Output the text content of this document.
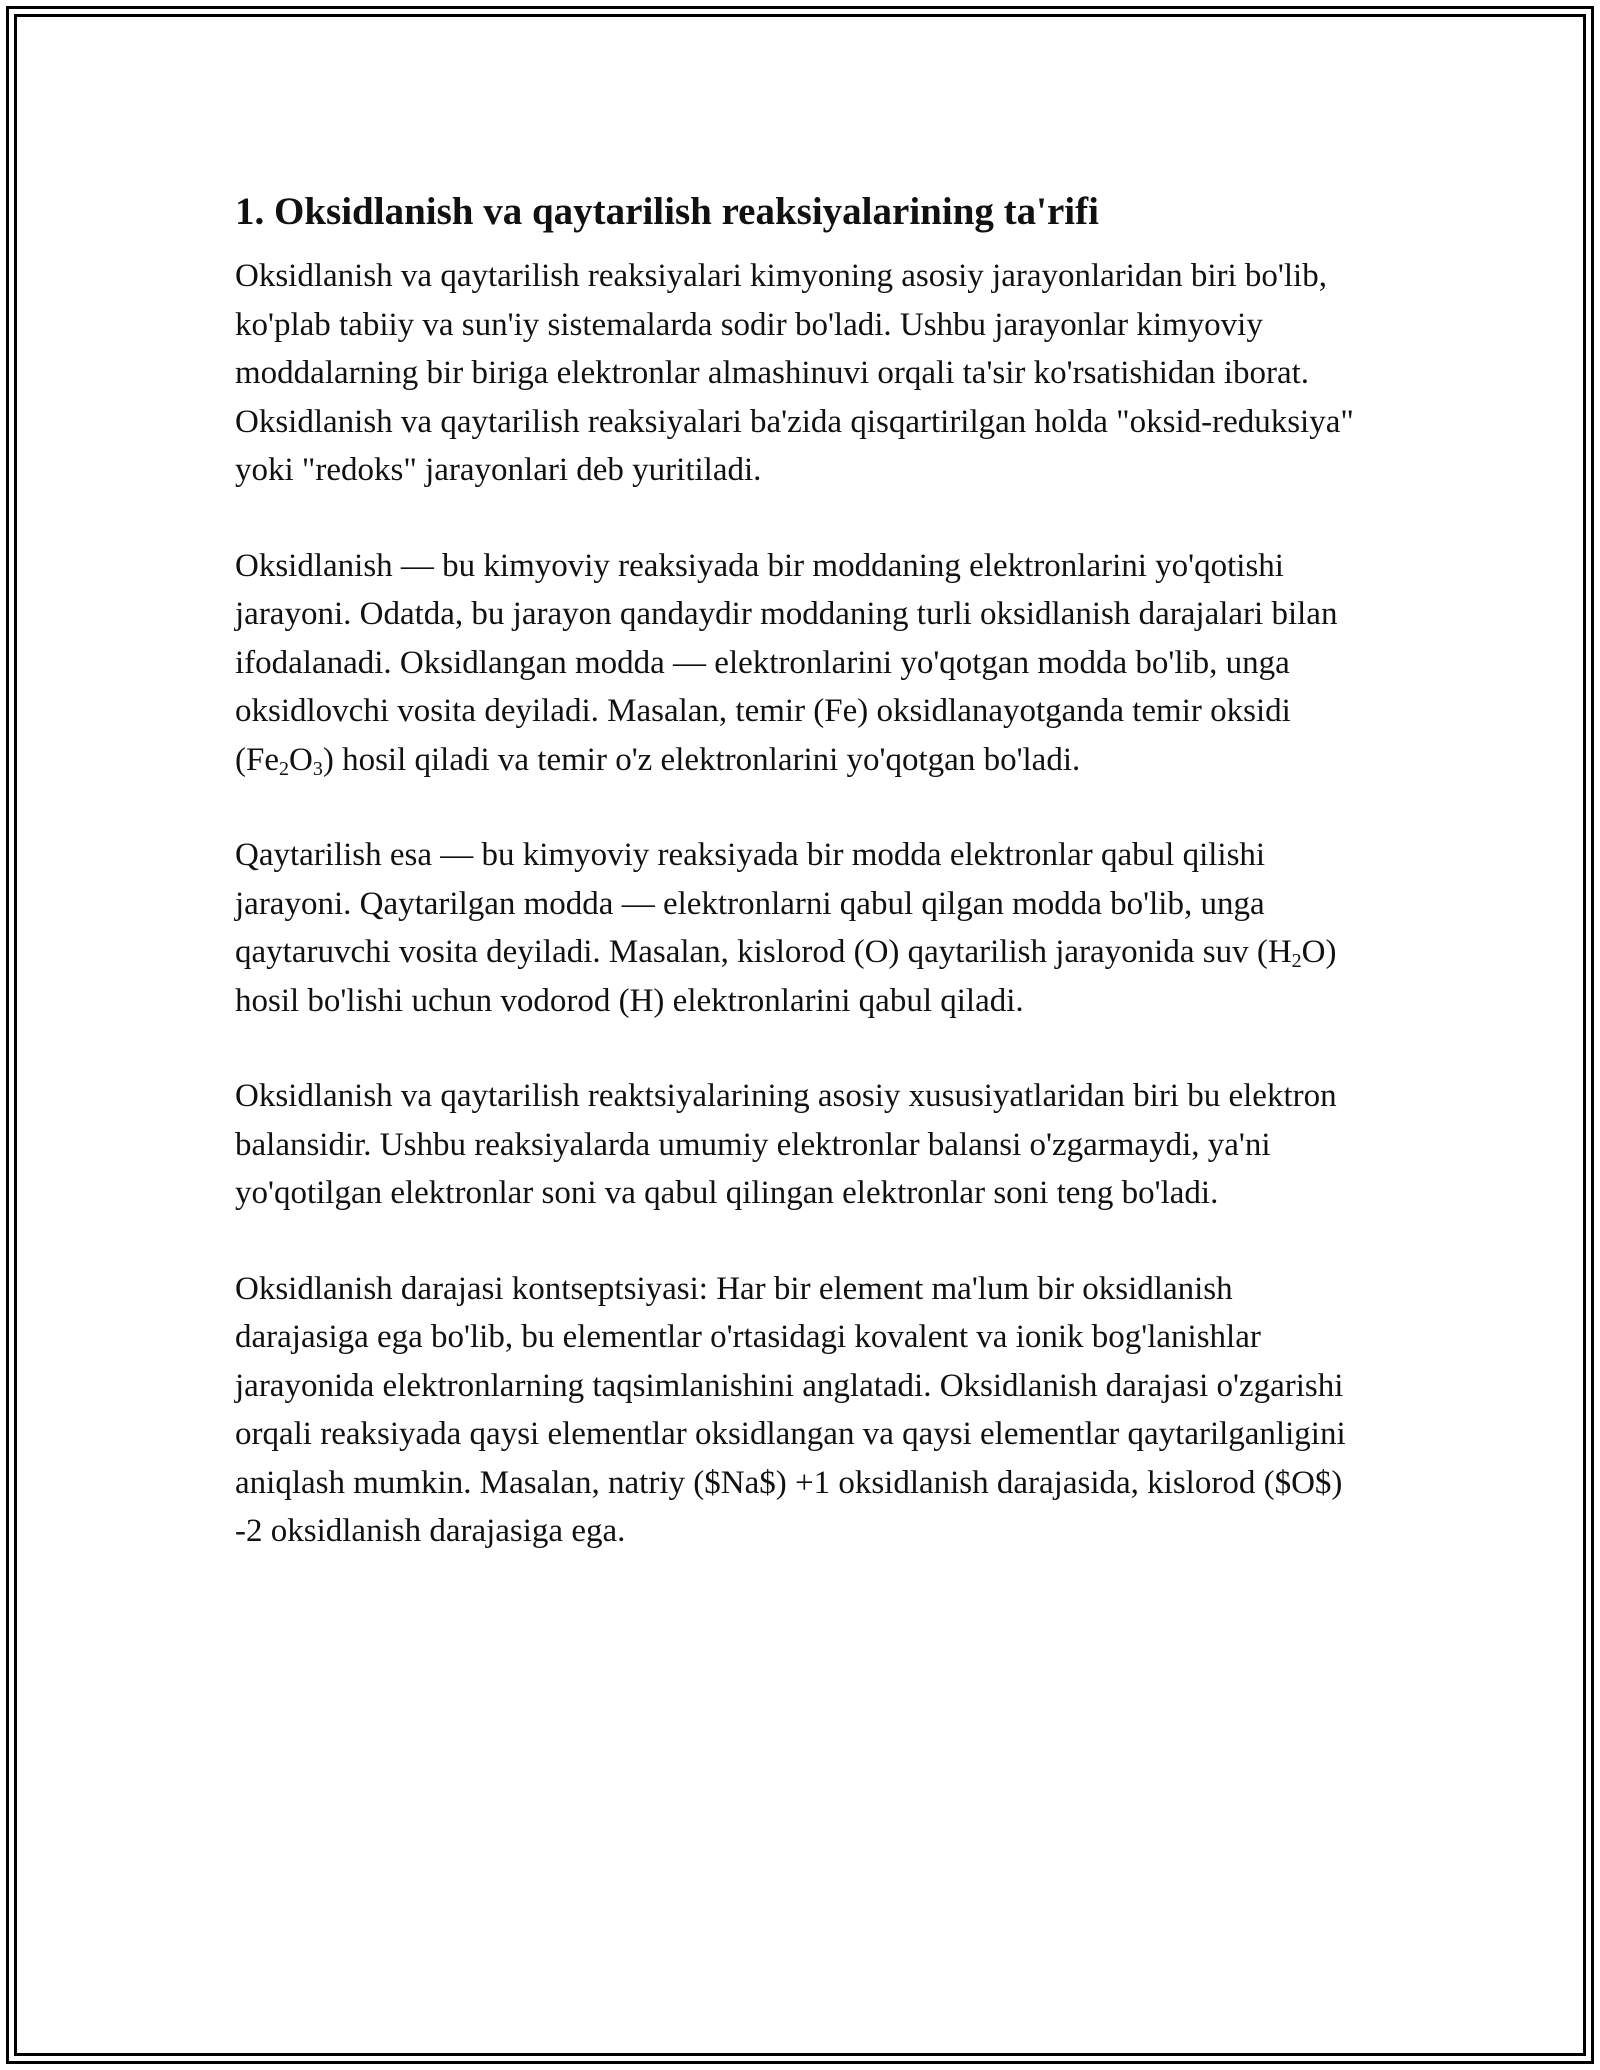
1. Oksidlanish va qaytarilish reaksiyalarining ta'rifi

Oksidlanish va qaytarilish reaksiyalari kimyoning asosiy jarayonlaridan biri bo'lib, ko'plab tabiiy va sun'iy sistemalarda sodir bo'ladi. Ushbu jarayonlar kimyoviy moddalarning bir biriga elektronlar almashinuvi orqali ta'sir ko'rsatishidan iborat. Oksidlanish va qaytarilish reaksiyalari ba'zida qisqartirilgan holda "oksid-reduksiya" yoki "redoks" jarayonlari deb yuritiladi.

Oksidlanish — bu kimyoviy reaksiyada bir moddaning elektronlarini yo'qotishi jarayoni. Odatda, bu jarayon qandaydir moddaning turli oksidlanish darajalari bilan ifodalanadi. Oksidlangan modda — elektronlarini yo'qotgan modda bo'lib, unga oksidlovchi vosita deyiladi. Masalan, temir (Fe) oksidlanayotganda temir oksidi $(Fe_2O_3)$ hosil qiladi va temir o'z elektronlarini yo'qotgan bo'ladi.

Qaytarilish esa — bu kimyoviy reaksiyada bir modda elektronlar qabul qilishi jarayoni. Qaytarilgan modda — elektronlarni qabul qilgan modda bo'lib, unga qaytaruvchi vosita deyiladi. Masalan, kislorod (O) qaytarilish jarayonida suv $(H_2O)$ hosil bo'lishi uchun vodorod (H) elektronlarini qabul qiladi.

Oksidlanish va qaytarilish reaktsiyalarining asosiy xususiyatlaridan biri bu elektron balansidir. Ushbu reaksiyalarda umumiy elektronlar balansi o'zgarmaydi, ya'ni yo'qotilgan elektronlar soni va qabul qilingan elektronlar soni teng bo'ladi.

Oksidlanish darajasi kontseptsiyasi: Har bir element ma'lum bir oksidlanish darajasiga ega bo'lib, bu elementlar o'rtasidagi kovalent va ionik bog'lanishlar jarayonida elektronlarning taqsimlanishini anglatadi. Oksidlanish darajasi o'zgarishi orqali reaksiyada qaysi elementlar oksidlangan va qaysi elementlar qaytarilganligini aniqlash mumkin. Masalan, natriy ($Na$) +1 oksidlanish darajasida, kislorod ($O$) -2 oksidlanish darajasiga ega.
